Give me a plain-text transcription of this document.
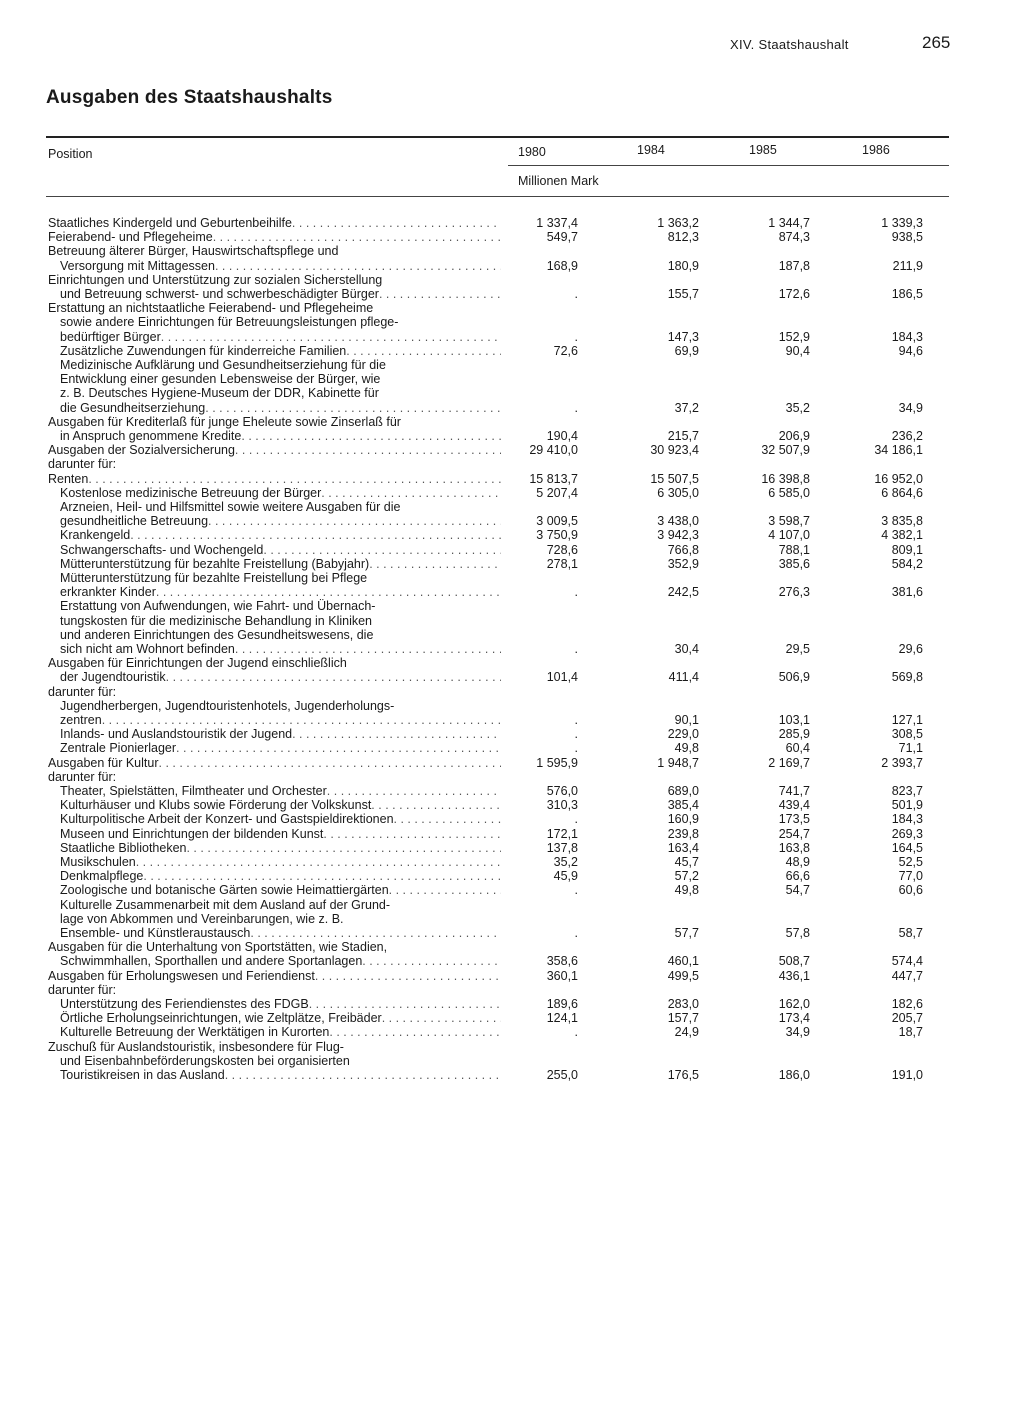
XIV. Staatshaushalt	265
Ausgaben des Staatshaushalts
Position	1980	1984	1985	1986
Millionen Mark
Staatliches Kindergeld und Geburtenbeihilfe . . .	1 337,4	1 363,2	1 344,7	1 339,3
Feierabend- und Pflegeheime . . .	549,7	812,3	874,3	938,5
Betreuung älterer Bürger, Hauswirtschaftspflege und
Versorgung mit Mittagessen . . .	168,9	180,9	187,8	211,9
Einrichtungen und Unterstützung zur sozialen Sicherstellung
und Betreuung schwerst- und schwerbeschädigter Bürger . . .	.	155,7	172,6	186,5
Erstattung an nichtstaatliche Feierabend- und Pflegeheime
sowie andere Einrichtungen für Betreuungsleistungen pflege-
bedürftiger Bürger . . .	.	147,3	152,9	184,3
Zusätzliche Zuwendungen für kinderreiche Familien . . .	72,6	69,9	90,4	94,6
Medizinische Aufklärung und Gesundheitserziehung für die
Entwicklung einer gesunden Lebensweise der Bürger, wie
z. B. Deutsches Hygiene-Museum der DDR, Kabinette für
die Gesundheitserziehung . . .	.	37,2	35,2	34,9
Ausgaben für Krediterlaß für junge Eheleute sowie Zinserlaß für
in Anspruch genommene Kredite . . .	190,4	215,7	206,9	236,2
Ausgaben der Sozialversicherung . . .	29 410,0	30 923,4	32 507,9	34 186,1
darunter für:
Renten . . .	15 813,7	15 507,5	16 398,8	16 952,0
Kostenlose medizinische Betreuung der Bürger . . .	5 207,4	6 305,0	6 585,0	6 864,6
Arzneien, Heil- und Hilfsmittel sowie weitere Ausgaben für die
gesundheitliche Betreuung . . .	3 009,5	3 438,0	3 598,7	3 835,8
Krankengeld . . .	3 750,9	3 942,3	4 107,0	4 382,1
Schwangerschafts- und Wochengeld . . .	728,6	766,8	788,1	809,1
Mütterunterstützung für bezahlte Freistellung (Babyjahr) . . .	278,1	352,9	385,6	584,2
Mütterunterstützung für bezahlte Freistellung bei Pflege
erkrankter Kinder . . .	.	242,5	276,3	381,6
Erstattung von Aufwendungen, wie Fahrt- und Übernach-
tungskosten für die medizinische Behandlung in Kliniken
und anderen Einrichtungen des Gesundheitswesens, die
sich nicht am Wohnort befinden . . .	.	30,4	29,5	29,6
Ausgaben für Einrichtungen der Jugend einschließlich
der Jugendtouristik . . .	101,4	411,4	506,9	569,8
darunter für:
Jugendherbergen, Jugendtouristenhotels, Jugenderholungs-
zentren . . .	.	90,1	103,1	127,1
Inlands- und Auslandstouristik der Jugend . . .	.	229,0	285,9	308,5
Zentrale Pionierlager . . .	.	49,8	60,4	71,1
Ausgaben für Kultur . . .	1 595,9	1 948,7	2 169,7	2 393,7
darunter für:
Theater, Spielstätten, Filmtheater und Orchester . . .	576,0	689,0	741,7	823,7
Kulturhäuser und Klubs sowie Förderung der Volkskunst . . .	310,3	385,4	439,4	501,9
Kulturpolitische Arbeit der Konzert- und Gastspieldirektionen . . .	.	160,9	173,5	184,3
Museen und Einrichtungen der bildenden Kunst . . .	172,1	239,8	254,7	269,3
Staatliche Bibliotheken . . .	137,8	163,4	163,8	164,5
Musikschulen . . .	35,2	45,7	48,9	52,5
Denkmalpflege . . .	45,9	57,2	66,6	77,0
Zoologische und botanische Gärten sowie Heimattiergärten . . .	.	49,8	54,7	60,6
Kulturelle Zusammenarbeit mit dem Ausland auf der Grund-
lage von Abkommen und Vereinbarungen, wie z. B.
Ensemble- und Künstleraustausch . . .	.	57,7	57,8	58,7
Ausgaben für die Unterhaltung von Sportstätten, wie Stadien,
Schwimmhallen, Sporthallen und andere Sportanlagen . . .	358,6	460,1	508,7	574,4
Ausgaben für Erholungswesen und Feriendienst . . .	360,1	499,5	436,1	447,7
darunter für:
Unterstützung des Feriendienstes des FDGB . . .	189,6	283,0	162,0	182,6
Örtliche Erholungseinrichtungen, wie Zeltplätze, Freibäder . . .	124,1	157,7	173,4	205,7
Kulturelle Betreuung der Werktätigen in Kurorten . . .	.	24,9	34,9	18,7
Zuschuß für Auslandstouristik, insbesondere für Flug-
und Eisenbahnbeförderungskosten bei organisierten
Touristikreisen in das Ausland . . .	255,0	176,5	186,0	191,0
